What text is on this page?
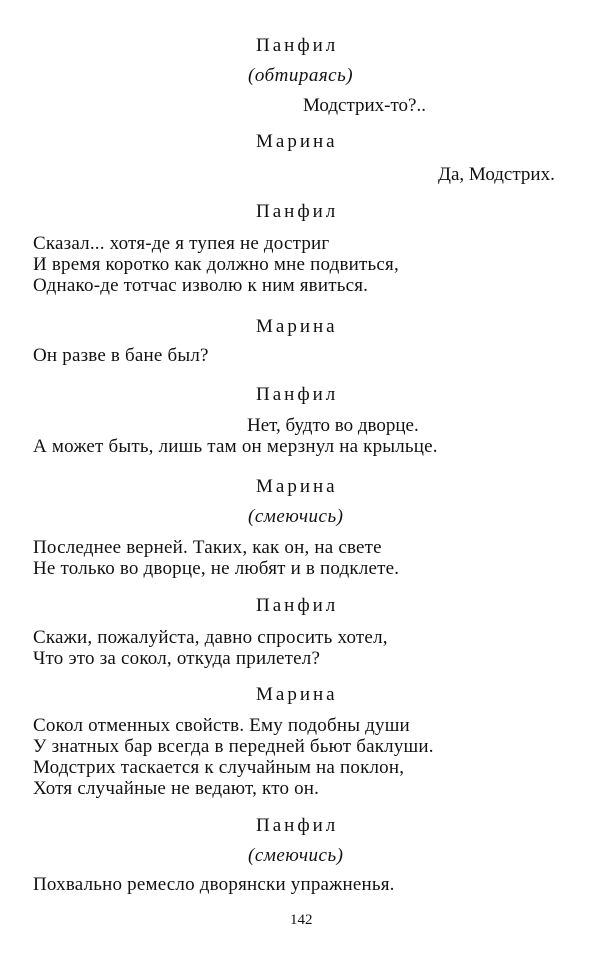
Панфил
(обтираясь)
Модстрих-то?..
Марина
Да, Модстрих.
Панфил
Сказал... хотя-де я тупея не достриг
И время коротко как должно мне подвиться,
Однако-де тотчас изволю к ним явиться.
Марина
Он разве в бане был?
Панфил
Нет, будто во дворце.
А может быть, лишь там он мерзнул на крыльце.
Марина
(смеючись)
Последнее верней. Таких, как он, на свете
Не только во дворце, не любят и в подклете.
Панфил
Скажи, пожалуйста, давно спросить хотел,
Что это за сокол, откуда прилетел?
Марина
Сокол отменных свойств. Ему подобны души
У знатных бар всегда в передней бьют баклуши.
Модстрих таскается к случайным на поклон,
Хотя случайные не ведают, кто он.
Панфил
(смеючись)
Похвально ремесло дворянски упражненья.
142
